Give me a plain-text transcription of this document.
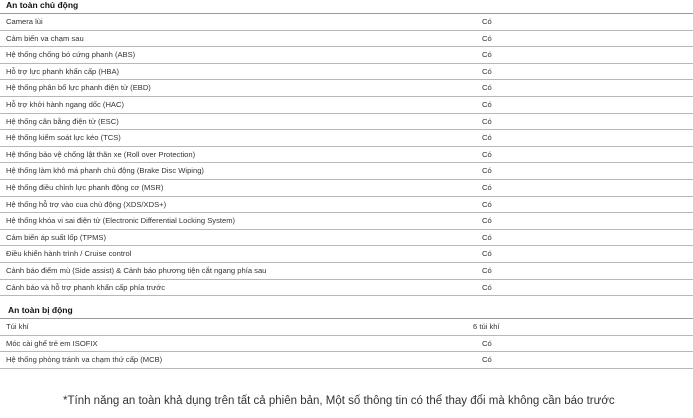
An toàn chủ động
Camera lùi	Có
Cảm biến va chạm sau	Có
Hệ thống chống bó cứng phanh (ABS)	Có
Hỗ trợ lực phanh khẩn cấp (HBA)	Có
Hệ thống phân bổ lực phanh điện tử (EBD)	Có
Hỗ trợ khởi hành ngang dốc (HAC)	Có
Hệ thống cân bằng điện tử (ESC)	Có
Hệ thống kiểm soát lực kéo (TCS)	Có
Hệ thống bảo vệ chống lật thân xe (Roll over Protection)	Có
Hệ thống làm khô má phanh chủ động (Brake Disc Wiping)	Có
Hệ thống điều chỉnh lực phanh động cơ (MSR)	Có
Hệ thống hỗ trợ vào cua chủ động (XDS/XDS+)	Có
Hệ thống khóa vi sai điện tử (Electronic Differential Locking System)	Có
Cảm biến áp suất lốp (TPMS)	Có
Điều khiển hành trình / Cruise control	Có
Cảnh báo điểm mù (Side assist) & Cảnh báo phương tiện cắt ngang phía sau	Có
Cảnh báo và hỗ trợ phanh khẩn cấp phía trước	Có
An toàn bị động
Túi khí	6 túi khí
Móc cài ghế trẻ em ISOFIX	Có
Hệ thống phòng tránh va chạm thứ cấp (MCB)	Có
*Tính năng an toàn khả dụng trên tất cả phiên bản, Một số thông tin có thể thay đổi mà không cần báo trước
